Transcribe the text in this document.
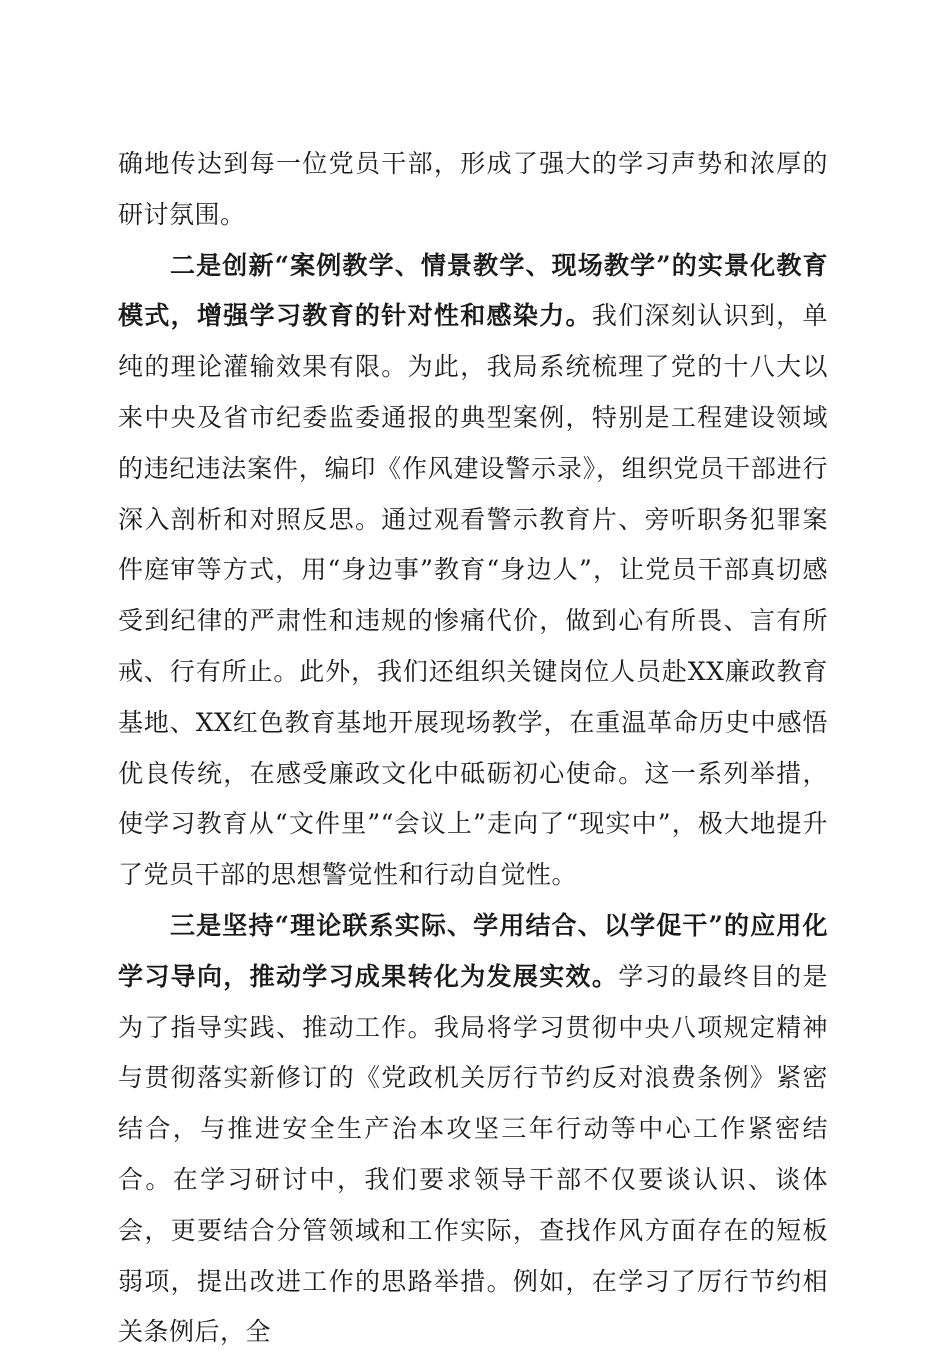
确地传达到每一位党员干部，形成了强大的学习声势和浓厚的研讨氛围。

二是创新“案例教学、情景教学、现场教学”的实景化教育模式，增强学习教育的针对性和感染力。我们深刻认识到，单纯的理论灌输效果有限。为此，我局系统梳理了党的十八大以来中央及省市纪委监委通报的典型案例，特别是工程建设领域的违纪违法案件，编印《作风建设警示录》，组织党员干部进行深入剖析和对照反思。通过观看警示教育片、旁听职务犯罪案件庭审等方式，用“身边事”教育“身边人”，让党员干部真切感受到纪律的严肃性和违规的惨痛代价，做到心有所畏、言有所戒、行有所止。此外，我们还组织关键岗位人员赴XX廉政教育基地、XX红色教育基地开展现场教学，在重温革命历史中感悟优良传统，在感受廉政文化中砥砺初心使命。这一系列举措，使学习教育从“文件里”“会议上”走向了“现实中”，极大地提升了党员干部的思想警觉性和行动自觉性。

三是坚持“理论联系实际、学用结合、以学促干”的应用化学习导向，推动学习成果转化为发展实效。学习的最终目的是为了指导实践、推动工作。我局将学习贯彻中央八项规定精神与贯彻落实新修订的《党政机关厉行节约反对浪费条例》紧密结合，与推进安全生产治本攻坚三年行动等中心工作紧密结合。在学习研讨中，我们要求领导干部不仅要谈认识、谈体会，更要结合分管领域和工作实际，查找作风方面存在的短板弱项，提出改进工作的思路举措。例如，在学习了厉行节约相关条例后，全
